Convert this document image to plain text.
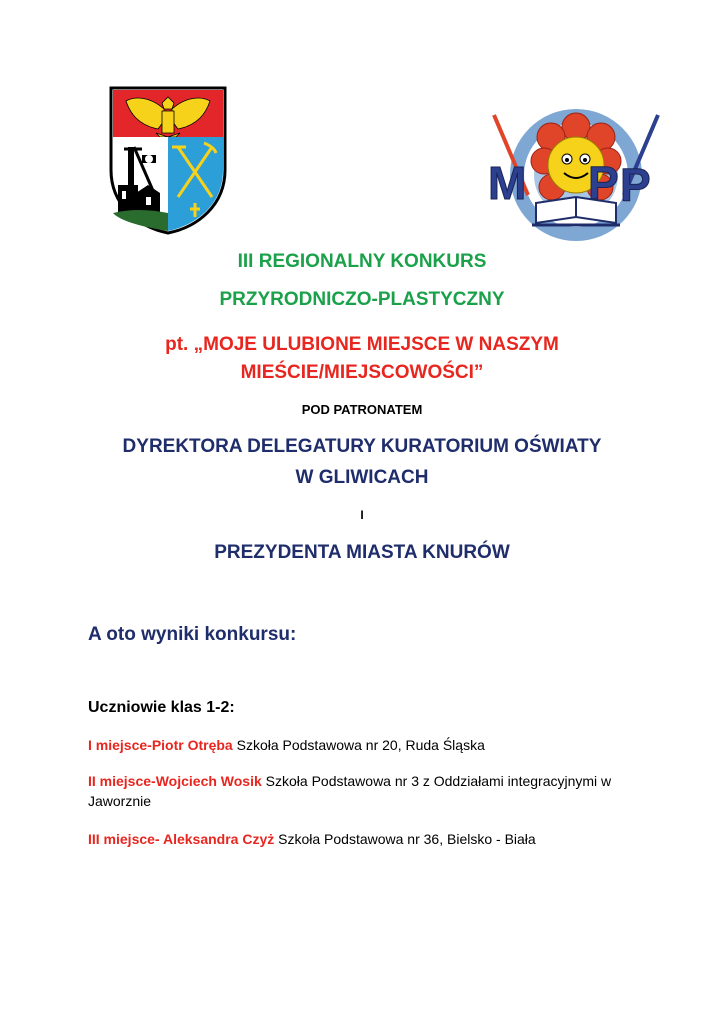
M P P
III REGIONALNY KONKURS
PRZYRODNICZO-PLASTYCZNY
pt. „MOJE ULUBIONE MIEJSCE W NASZYM
MIEŚCIE/MIEJSCOWOŚCI”
POD PATRONATEM
DYREKTORA DELEGATURY KURATORIUM OŚWIATY
W GLIWICACH
I
PREZYDENTA MIASTA KNURÓW
A oto wyniki konkursu:
Uczniowie klas 1-2:
I miejsce-Piotr Otręba Szkoła Podstawowa nr 20, Ruda Śląska
II miejsce-Wojciech Wosik Szkoła Podstawowa nr 3 z Oddziałami integracyjnymi w Jaworznie
III miejsce- Aleksandra Czyż Szkoła Podstawowa nr 36, Bielsko - Biała
